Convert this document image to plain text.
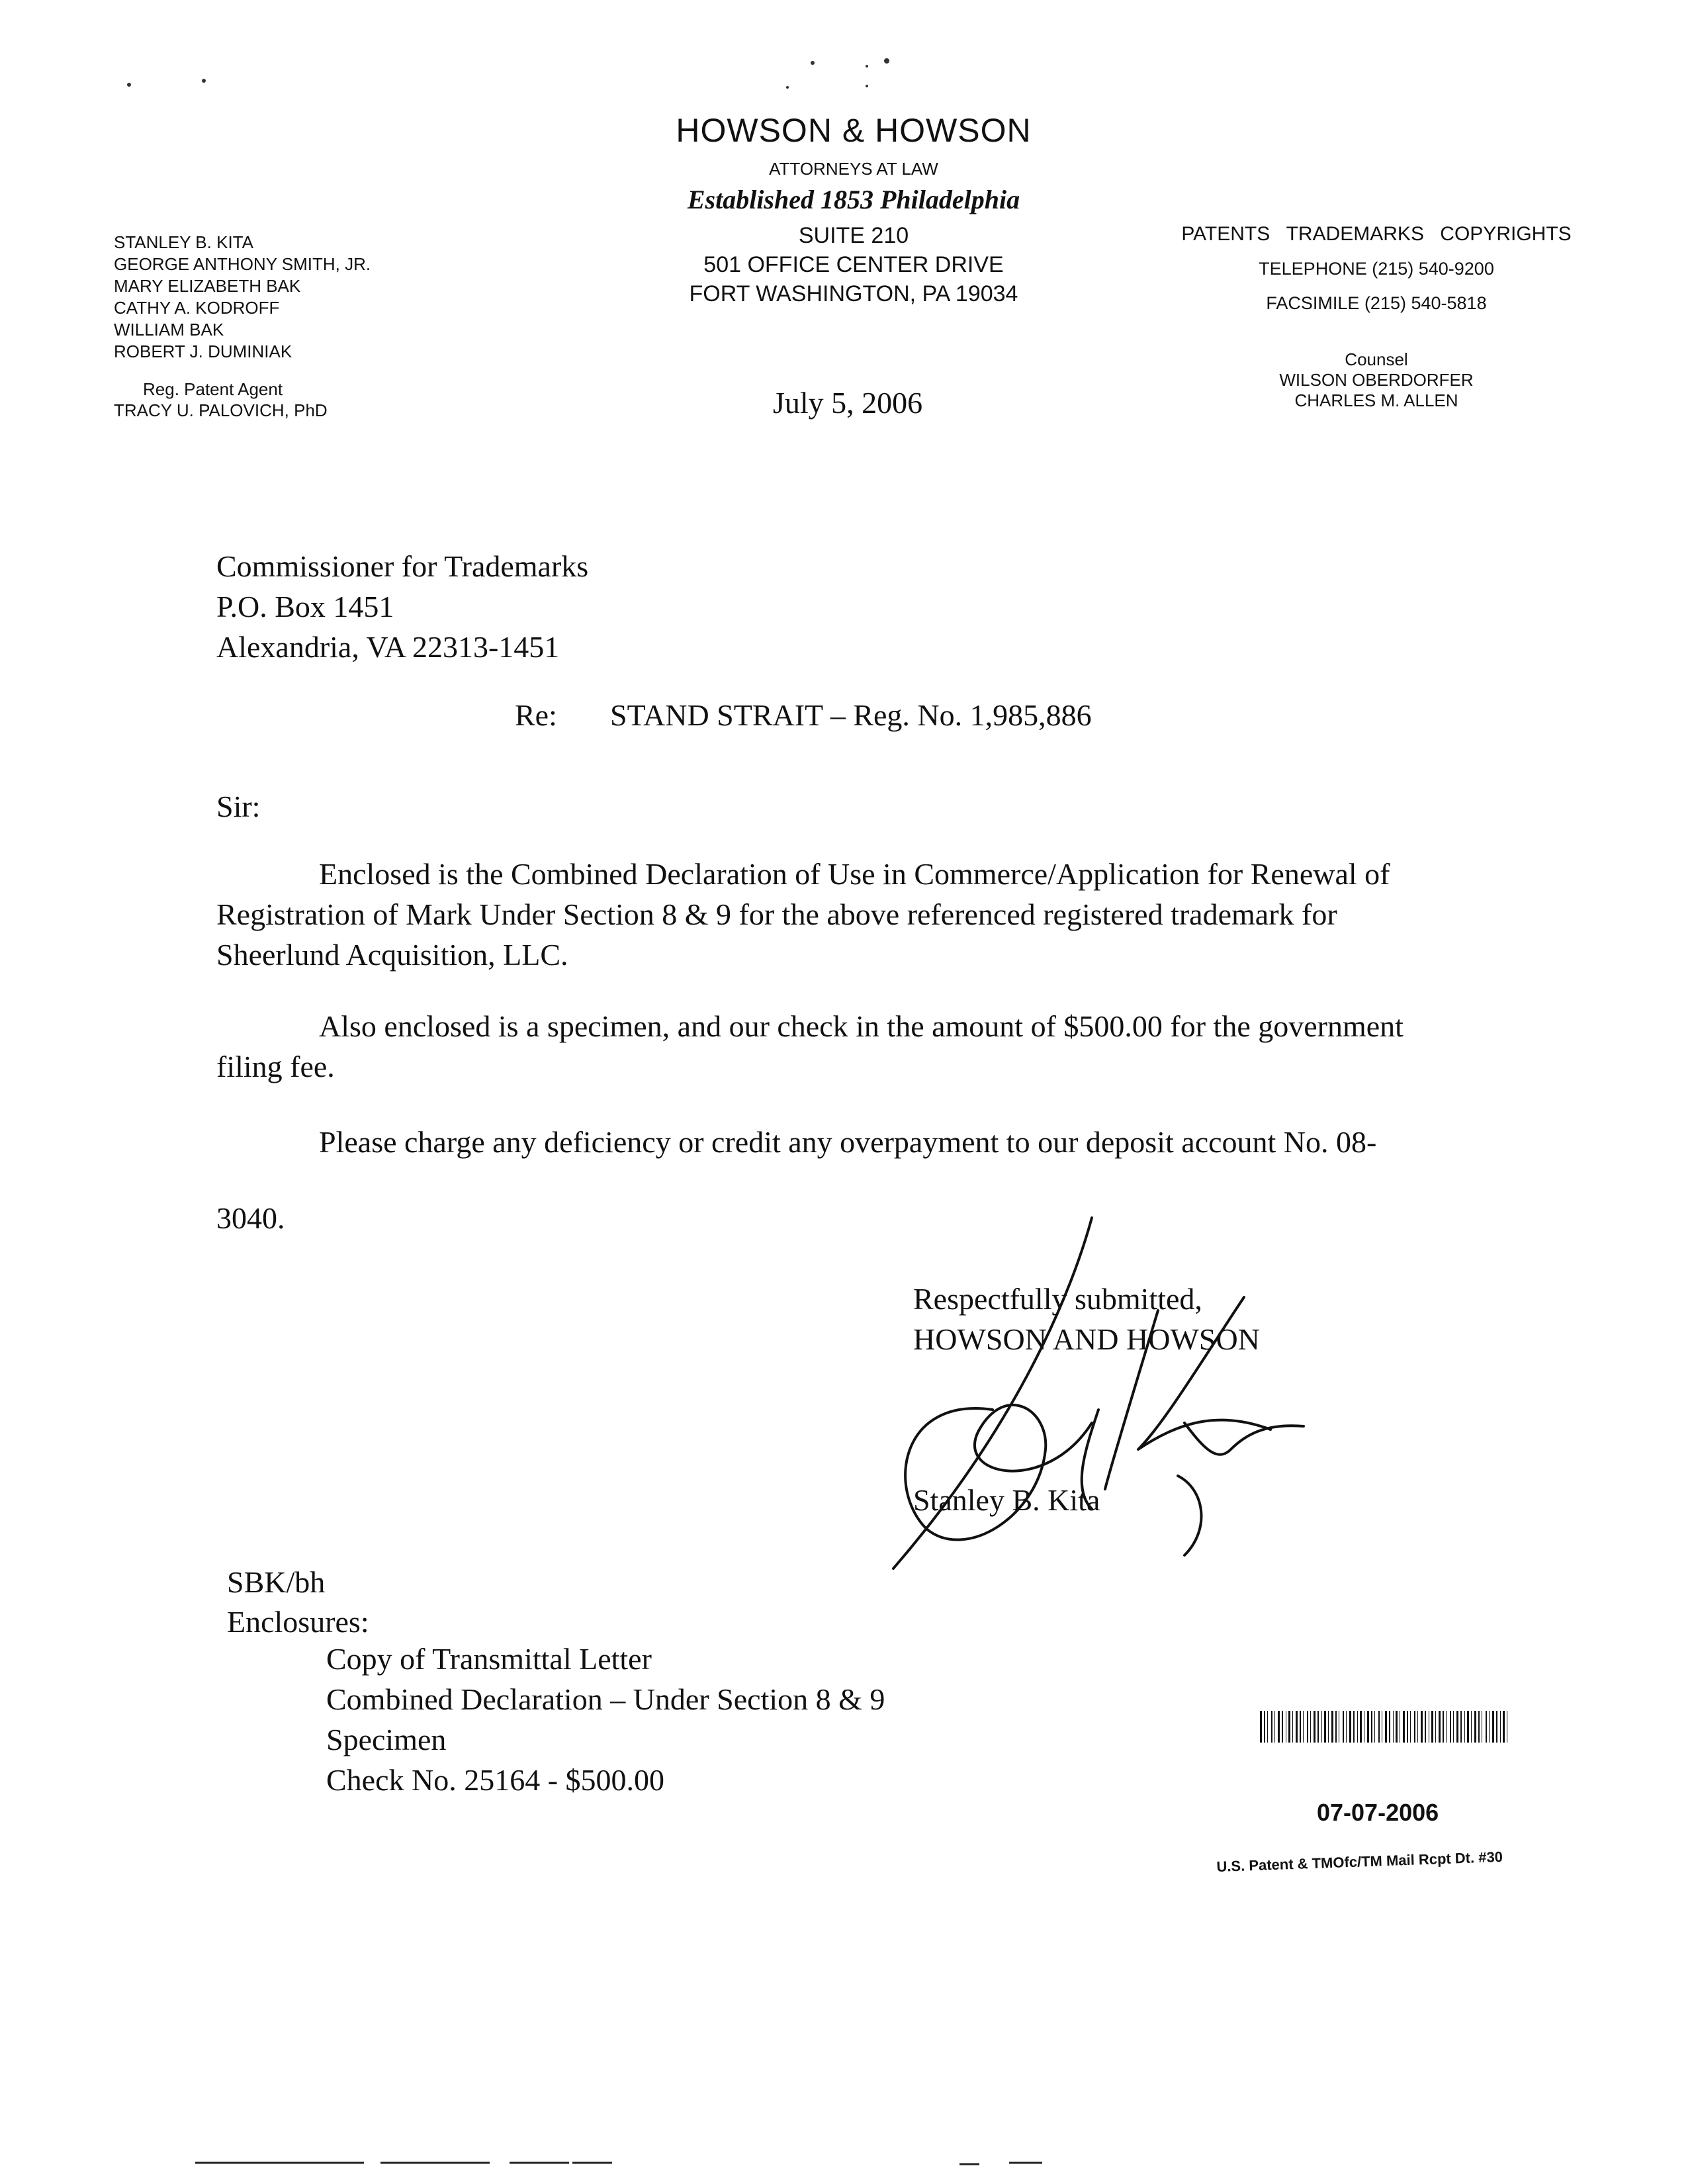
HOWSON & HOWSON
ATTORNEYS AT LAW
Established 1853 Philadelphia
SUITE 210
501 OFFICE CENTER DRIVE
FORT WASHINGTON, PA 19034
STANLEY B. KITA
GEORGE ANTHONY SMITH, JR.
MARY ELIZABETH BAK
CATHY A. KODROFF
WILLIAM BAK
ROBERT J. DUMINIAK
Reg. Patent Agent
TRACY U. PALOVICH, PhD
PATENTS TRADEMARKS COPYRIGHTS
TELEPHONE (215) 540-9200
FACSIMILE (215) 540-5818
Counsel
WILSON OBERDORFER
CHARLES M. ALLEN
July 5, 2006
Commissioner for Trademarks
P.O. Box 1451
Alexandria, VA 22313-1451
Re: STAND STRAIT – Reg. No. 1,985,886
Sir:
Enclosed is the Combined Declaration of Use in Commerce/Application for Renewal of
Registration of Mark Under Section 8 & 9 for the above referenced registered trademark for
Sheerlund Acquisition, LLC.
Also enclosed is a specimen, and our check in the amount of $500.00 for the government
filing fee.
Please charge any deficiency or credit any overpayment to our deposit account No. 08-
3040.
Respectfully submitted,
HOWSON AND HOWSON
Stanley B. Kita
SBK/bh
Enclosures:
Copy of Transmittal Letter
Combined Declaration – Under Section 8 & 9
Specimen
Check No. 25164 - $500.00
07-07-2006
U.S. Patent & TMOfc/TM Mail Rcpt Dt. #30
